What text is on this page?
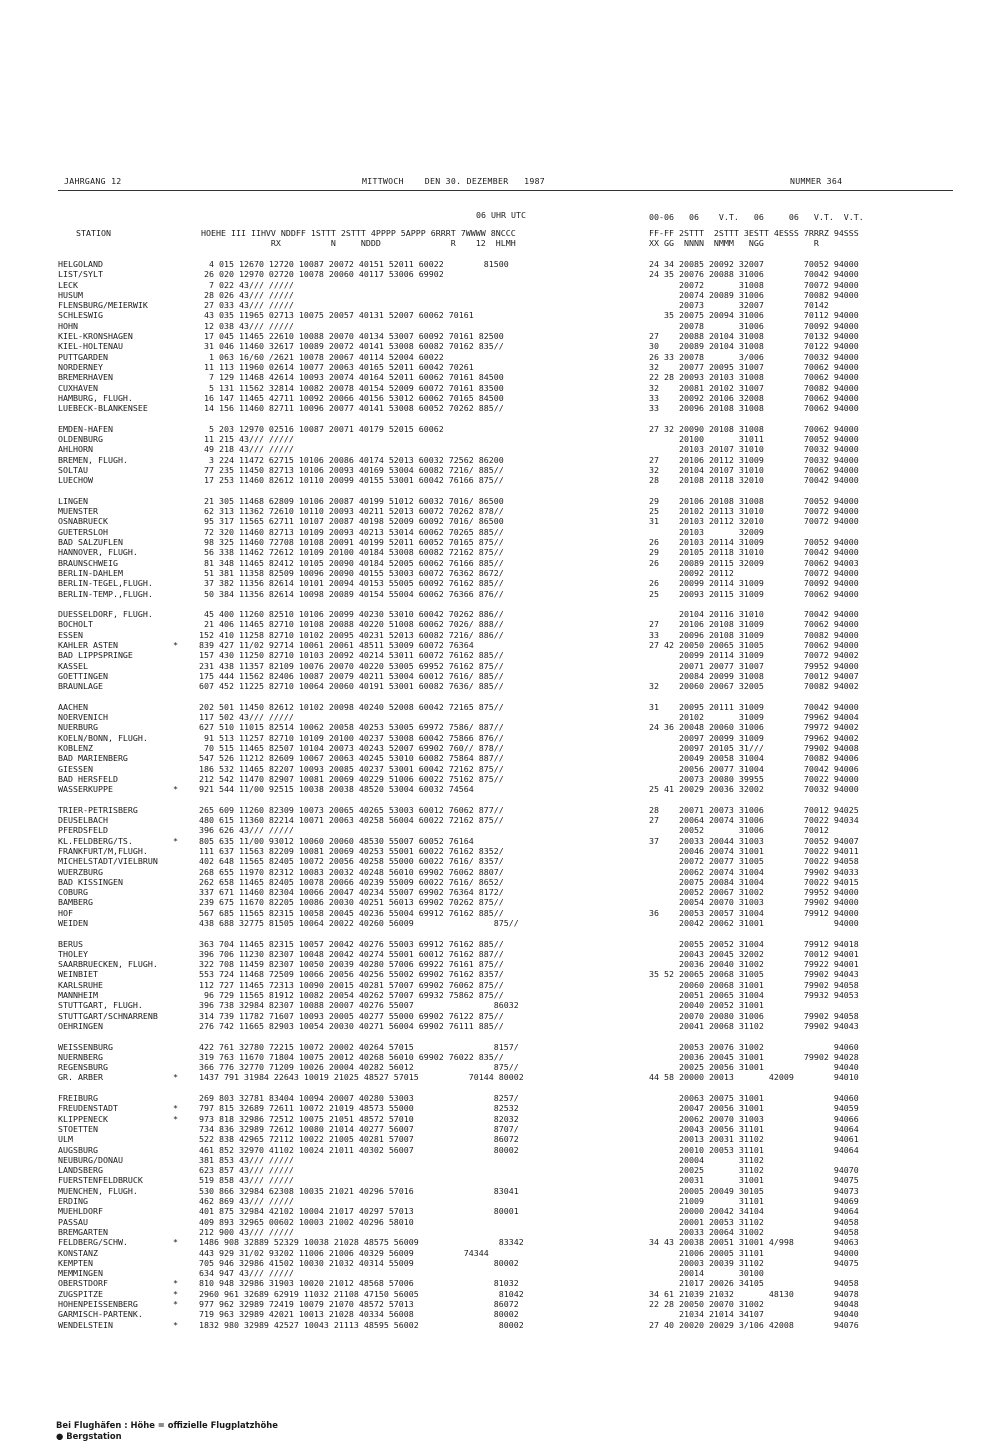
JAHRGANG 12

	MITTWOCH    DEN 30. DEZEMBER   1987

	NUMMER 364

06 UHR UTC
STATION	HOEHE III IIHVV NDDFF 1STTT 2STTT 4PPPP 5APPP 6RRRT 7WWWW 8NCCC
RX          N     NDDD              R    12  HLMH
00-06   06    V.T.   06     06   V.T.  V.T.
FF-FF 2STTT  2STTT 3ESTT 4ESSS 7RRRZ 94SSS
XX GG  NNNN  NMMM   NGG          R
HELGOLAND	4 015 12670 12720 10087 20072 40151 52011 60022        81500	24 34 20085 20092 32007        70052 94000
LIST/SYLT	26 020 12970 02720 10078 20060 40117 53006 69902	24 35 20076 20088 31006        70042 94000
LECK	7 022 43/// /////	20072       31008        70072 94000
HUSUM	28 026 43/// /////	20074 20089 31006        70082 94000
FLENSBURG/MEIERWIK	27 033 43/// /////	20073       32007        70142
SCHLESWIG	43 035 11965 02713 10075 20057 40131 52007 60062 70161	35 20075 20094 31006        70112 94000
HOHN	12 038 43/// /////	20078       31006        70092 94000
KIEL-KRONSHAGEN	17 045 11465 22610 10088 20070 40134 53007 60092 70161 82500	27    20088 20104 31008        70132 94000
KIEL-HOLTENAU	31 046 11460 32617 10089 20072 40141 53008 60082 70162 835//	30    20089 20104 31008        70122 94000
PUTTGARDEN	1 063 16/60 /2621 10078 20067 40114 52004 60022	26 33 20078       3/006        70032 94000
NORDERNEY	11 113 11960 02614 10077 20063 40165 52011 60042 70261	32    20077 20095 31007        70062 94000
BREMERHAVEN	7 129 11468 42614 10093 20074 40164 52011 60062 70161 84500	22 28 20093 20103 31008        70062 94000
CUXHAVEN	5 131 11562 32814 10082 20078 40154 52009 60072 70161 83500	32    20081 20102 31007        70082 94000
HAMBURG, FLUGH.	16 147 11465 42711 10092 20066 40156 53012 60062 70165 84500	33    20092 20106 32008        70062 94000
LUEBECK-BLANKENSEE	14 156 11460 82711 10096 20077 40141 53008 60052 70262 885//	33    20096 20108 31008        70062 94000
EMDEN-HAFEN	5 203 12970 02516 10087 20071 40179 52015 60062	27 32 20090 20108 31008        70062 94000
OLDENBURG	11 215 43/// /////	20100       31011        70052 94000
AHLHORN	49 218 43/// /////	20103 20107 31010        70032 94000
BREMEN, FLUGH.	3 224 11472 62715 10106 20086 40174 52013 60032 72562 86200	27    20106 20112 31009        70032 94000
SOLTAU	77 235 11450 82713 10106 20093 40169 53004 60082 7216/ 885//	32    20104 20107 31010        70062 94000
LUECHOW	17 253 11460 82612 10110 20099 40155 53001 60042 76166 875//	28    20108 20118 32010        70042 94000
LINGEN	21 305 11468 62809 10106 20087 40199 51012 60032 7016/ 86500	29    20106 20108 31008        70052 94000
MUENSTER	62 313 11362 72610 10110 20093 40211 52013 60072 70262 878//	25    20102 20113 31010        70072 94000
OSNABRUECK	95 317 11565 62711 10107 20087 40198 52009 60092 7016/ 86500	31    20103 20112 32010        70072 94000
GUETERSLOH	72 320 11460 82713 10109 20093 40213 53014 60062 70265 885//	20103       32009
BAD SALZUFLEN	98 325 11460 72708 10108 20091 40199 52011 60052 70165 875//	26    20103 20114 31009        70052 94000
HANNOVER, FLUGH.	56 338 11462 72612 10109 20100 40184 53008 60082 72162 875//	29    20105 20118 31010        70042 94000
BRAUNSCHWEIG	81 348 11465 82412 10105 20090 40184 52005 60062 76166 885//	26    20089 20115 32009        70062 94003
BERLIN-DAHLEM	51 381 11358 82509 10096 20090 40155 53003 60072 76362 8672/	20092 20112              70072 94000
BERLIN-TEGEL,FLUGH.	37 382 11356 82614 10101 20094 40153 55005 60092 76162 885//	26    20099 20114 31009        70092 94000
BERLIN-TEMP.,FLUGH.	50 384 11356 82614 10098 20089 40154 55004 60062 76366 876//	25    20093 20115 31009        70062 94000
DUESSELDORF, FLUGH.	45 400 11260 82510 10106 20099 40230 53010 60042 70262 886//	20104 20116 31010        70042 94000
BOCHOLT	21 406 11465 82710 10108 20088 40220 51008 60062 7026/ 888//	27    20106 20108 31009        70062 94000
ESSEN	152 410 11258 82710 10102 20095 40231 52013 60082 7216/ 886//	33    20096 20108 31009        70082 94000
KAHLER ASTEN	*	839 427 11/02 92714 10061 20061 48511 53009 60072 76364	27 42 20050 20065 31005        70062 94000
BAD LIPPSPRINGE	157 430 11250 82710 10103 20092 40214 53011 60072 76162 885//	20099 20114 31009        70072 94002
KASSEL	231 438 11357 82109 10076 20070 40220 53005 69952 76162 875//	20071 20077 31007        79952 94000
GOETTINGEN	175 444 11562 82406 10087 20079 40211 53004 60012 7616/ 885//	20084 20099 31008        70012 94007
BRAUNLAGE	607 452 11225 82710 10064 20060 40191 53001 60082 7636/ 885//	32    20060 20067 32005        70082 94002
AACHEN	202 501 11450 82612 10102 20098 40240 52008 60042 72165 875//	31    20095 20111 31009        70042 94000
NOERVENICH	117 502 43/// /////	20102       31009        79962 94004
NUERBURG	627 510 11015 82514 10062 20058 40253 53005 69972 7586/ 887//	24 36 20048 20060 31006        79972 94002
KOELN/BONN, FLUGH.	91 513 11257 82710 10109 20100 40237 53008 60042 75866 876//	20097 20099 31009        79962 94002
KOBLENZ	70 515 11465 82507 10104 20073 40243 52007 69902 760// 878//	20097 20105 31///        79902 94008
BAD MARIENBERG	547 526 11212 82609 10067 20063 40245 53010 60082 75864 887//	20049 20058 31004        70082 94006
GIESSEN	186 532 11465 82207 10093 20085 40237 53001 60042 72162 875//	20056 20077 31004        70042 94006
BAD HERSFELD	212 542 11470 82907 10081 20069 40229 51006 60022 75162 875//	20073 20080 39955        70022 94000
WASSERKUPPE	*	921 544 11/00 92515 10038 20038 48520 53004 60032 74564	25 41 20029 20036 32002        70032 94000
TRIER-PETRISBERG	265 609 11260 82309 10073 20065 40265 53003 60012 76062 877//	28    20071 20073 31006        70012 94025
DEUSELBACH	480 615 11360 82214 10071 20063 40258 56004 60022 72162 875//	27    20064 20074 31006        70022 94034
PFERDSFELD	396 626 43/// /////	20052       31006        70012
KL.FELDBERG/TS.	*	805 635 11/00 93012 10060 20060 48530 55007 60052 76164	37    20033 20044 31003        70052 94007
FRANKFURT/M,FLUGH.	111 637 11563 82209 10081 20069 40253 55001 60022 76162 8352/	20046 20074 31001        70022 94011
MICHELSTADT/VIELBRUN	402 648 11565 82405 10072 20056 40258 55000 60022 7616/ 8357/	20072 20077 31005        70022 94058
WUERZBURG	268 655 11970 82312 10083 20032 40248 56010 69902 76062 8807/	20062 20074 31004        79902 94033
BAD KISSINGEN	262 658 11465 82405 10078 20066 40239 55009 60022 7616/ 8652/	20075 20084 31004        70022 94015
COBURG	337 671 11460 82304 10066 20047 40234 55007 69902 76364 8172/	20052 20067 31002        79952 94000
BAMBERG	239 675 11670 82205 10086 20030 40251 56013 69902 70262 875//	20054 20070 31003        79902 94000
HOF	567 685 11565 82315 10058 20045 40236 55004 69912 76162 885//	36    20053 20057 31004        79912 94000
WEIDEN	438 688 32775 81505 10064 20022 40260 56009                875//	20042 20062 31001              94000
BERUS	363 704 11465 82315 10057 20042 40276 55003 69912 76162 885//	20055 20052 31004        79912 94018
THOLEY	396 706 11230 82307 10048 20042 40274 55001 60012 76162 887//	20043 20045 32002        70012 94001
SAARBRUECKEN, FLUGH.	322 708 11459 82307 10050 20039 40280 57006 69922 76161 875//	20036 20040 31002        79922 94001
WEINBIET	553 724 11468 72509 10066 20056 40256 55002 69902 76162 8357/	35 52 20065 20068 31005        79902 94043
KARLSRUHE	112 727 11465 72313 10090 20015 40281 57007 69902 76062 875//	20060 20068 31001        79902 94058
MANNHEIM	96 729 11565 81912 10082 20054 40262 57007 69932 75862 875//	20051 20065 31004        79932 94053
STUTTGART, FLUGH.	396 738 32984 82307 10088 20007 40276 55007                86032	20040 20052 31001
STUTTGART/SCHNARRENB	314 739 11782 71607 10093 20005 40277 55000 69902 76122 875//	20070 20080 31006        79902 94058
OEHRINGEN	276 742 11665 82903 10054 20030 40271 56004 69902 76111 885//	20041 20068 31102        79902 94043
WEISSENBURG	422 761 32780 72215 10072 20002 40264 57015                8157/	20053 20076 31002              94060
NUERNBERG	319 763 11670 71804 10075 20012 40268 56010 69902 76022 835//	20036 20045 31001        79902 94028
REGENSBURG	366 776 32770 71209 10026 20004 40282 56012                875//	20025 20056 31001              94040
GR. ARBER	*	1437 791 31984 22643 10019 21025 48527 57015          70144 80002	44 58 20000 20013       42009        94010
FREIBURG	269 803 32781 83404 10094 20007 40280 53003                8257/	20063 20075 31001              94060
FREUDENSTADT	*	797 815 32689 72611 10072 21019 48573 55000                82532	20047 20056 31001              94059
KLIPPENECK	*	973 818 32986 72512 10075 21051 48572 57010                82032	20062 20070 31003              94066
STOETTEN	734 836 32989 72612 10080 21014 40277 56007                8707/	20043 20056 31101              94064
ULM	522 838 42965 72112 10022 21005 40281 57007                86072	20013 20031 31102              94061
AUGSBURG	461 852 32970 41102 10024 21011 40302 56007                80002	20010 20053 31101              94064
NEUBURG/DONAU	381 853 43/// /////	20004       31102
LANDSBERG	623 857 43/// /////	20025       31102              94070
FUERSTENFELDBRUCK	519 858 43/// /////	20031       31001              94075
MUENCHEN, FLUGH.	530 866 32984 62308 10035 21021 40296 57016                83041	20005 20049 30105              94073
ERDING	462 869 43/// /////	21009       31101              94069
MUEHLDORF	401 875 32984 42102 10004 21017 40297 57013                80001	20000 20042 34104              94064
PASSAU	409 893 32965 00602 10003 21002 40296 58010	20001 20053 31102              94058
BREMGARTEN	212 900 43/// /////	20033 20064 31002              94058
FELDBERG/SCHW.	*	1486 908 32889 52329 10038 21028 48575 56009                83342	34 43 20038 20051 31001 4/998        94063
KONSTANZ	443 929 31/02 93202 11006 21006 40329 56009          74344	21006 20005 31101              94000
KEMPTEN	705 946 32986 41502 10030 21032 40314 55009                80002	20003 20039 31102              94075
MEMMINGEN	634 947 43/// /////	20014       30100
OBERSTDORF	*	810 948 32986 31903 10020 21012 48568 57006                81032	21017 20026 34105              94058
ZUGSPITZE	*	2960 961 32689 62919 11032 21108 47150 56005                81042	34 61 21039 21032       48130        94078
HOHENPEISSENBERG	*	977 962 32989 72419 10079 21070 48572 57013                86072	22 28 20050 20070 31002              94048
GARMISCH-PARTENK.	719 963 32989 42021 10013 21028 40334 56008                80002	21034 21014 34107              94040
WENDELSTEIN	*	1832 980 32989 42527 10043 21113 48595 56002                80002	27 40 20020 20029 3/106 42008        94076
Bei Flughäfen : Höhe = offizielle Flugplatzhöhe
● Bergstation
